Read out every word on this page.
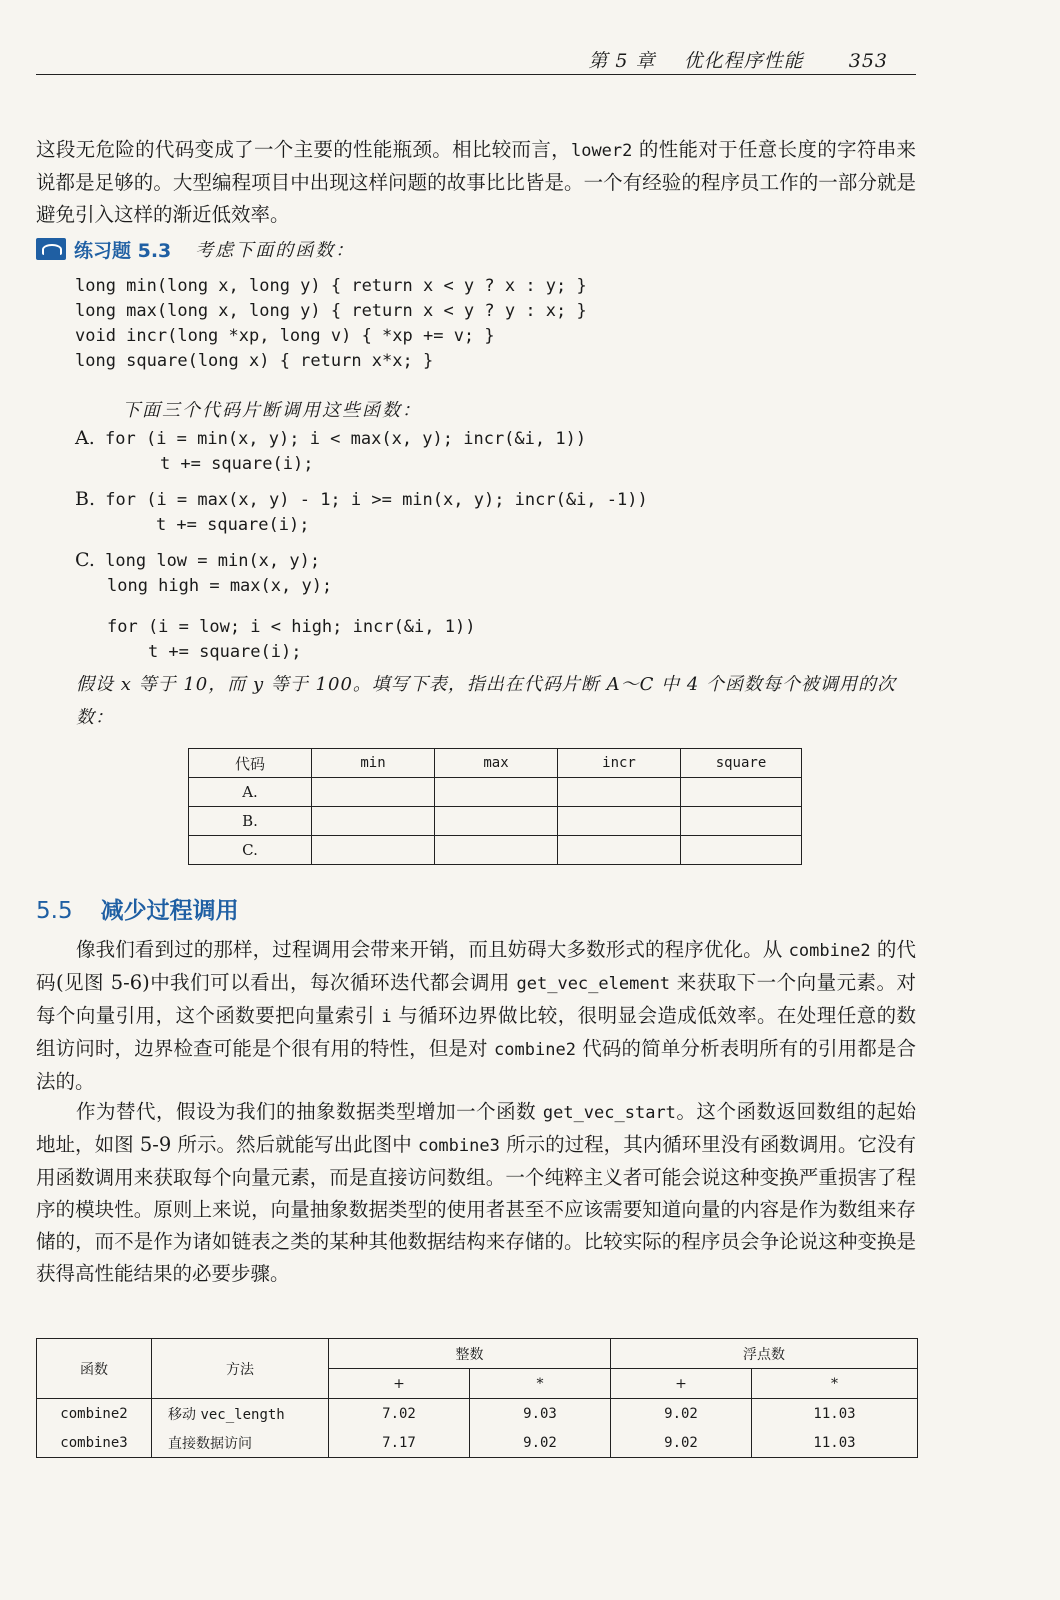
第 5 章 优化程序性能 353
这段无危险的代码变成了一个主要的性能瓶颈。相比较而言，lower2 的性能对于任意长度的字符串来说都是足够的。大型编程项目中出现这样问题的故事比比皆是。一个有经验的程序员工作的一部分就是避免引入这样的渐近低效率。
练习题 5.3 考虑下面的函数：
long min(long x, long y) { return x < y ? x : y; }
long max(long x, long y) { return x < y ? y : x; }
void incr(long *xp, long v) { *xp += v; }
long square(long x) { return x*x; }
下面三个代码片断调用这些函数：
A. for (i = min(x, y); i < max(x, y); incr(&i, 1))
t += square(i);
B. for (i = max(x, y) - 1; i >= min(x, y); incr(&i, -1))
t += square(i);
C. long low = min(x, y);
long high = max(x, y);

for (i = low; i < high; incr(&i, 1))
t += square(i);
假设 x 等于 10，而 y 等于 100。填写下表，指出在代码片断 A～C 中 4 个函数每个被调用的次数：
代码	min	max	incr	square
A.				
B.				
C.				
5.5 减少过程调用
像我们看到过的那样，过程调用会带来开销，而且妨碍大多数形式的程序优化。从 combine2 的代码(见图 5-6)中我们可以看出，每次循环迭代都会调用 get_vec_element 来获取下一个向量元素。对每个向量引用，这个函数要把向量索引 i 与循环边界做比较，很明显会造成低效率。在处理任意的数组访问时，边界检查可能是个很有用的特性，但是对 combine2 代码的简单分析表明所有的引用都是合法的。
作为替代，假设为我们的抽象数据类型增加一个函数 get_vec_start。这个函数返回数组的起始地址，如图 5-9 所示。然后就能写出此图中 combine3 所示的过程，其内循环里没有函数调用。它没有用函数调用来获取每个向量元素，而是直接访问数组。一个纯粹主义者可能会说这种变换严重损害了程序的模块性。原则上来说，向量抽象数据类型的使用者甚至不应该需要知道向量的内容是作为数组来存储的，而不是作为诸如链表之类的某种其他数据结构来存储的。比较实际的程序员会争论说这种变换是获得高性能结果的必要步骤。
函数	方法	整数		浮点数	
		+	*	+	*
combine2	移动 vec_length	7.02	9.03	9.02	11.03
combine3	直接数据访问	7.17	9.02	9.02	11.03
